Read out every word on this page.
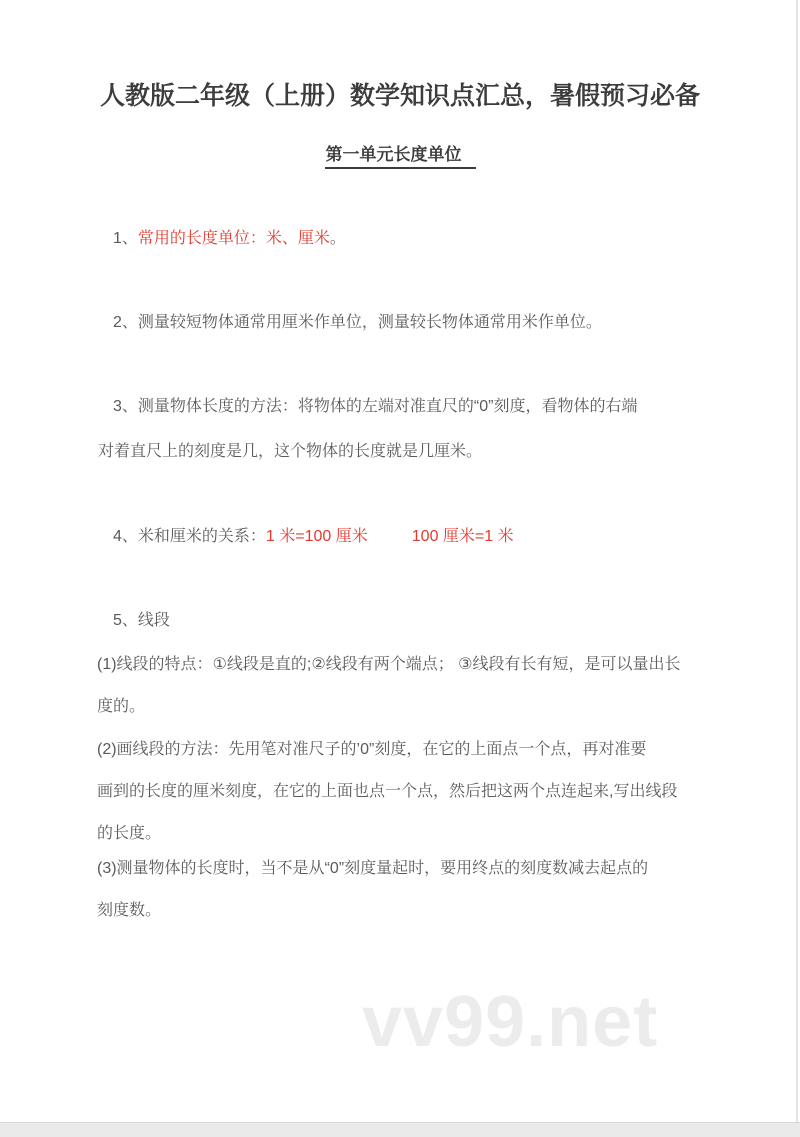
人教版二年级（上册）数学知识点汇总，暑假预习必备
第一单元长度单位

1、常用的长度单位：米、厘米。

2、测量较短物体通常用厘米作单位，测量较长物体通常用米作单位。

3、测量物体长度的方法：将物体的左端对准直尺的“0”刻度，看物体的右端
对着直尺上的刻度是几，这个物体的长度就是几厘米。

4、米和厘米的关系：1 米=100 厘米	100 厘米=1 米

5、线段

(1)线段的特点：①线段是直的;②线段有两个端点； ③线段有长有短，是可以量出长
度的。
(2)画线段的方法：先用笔对准尺子的’0”刻度，在它的上面点一个点，再对准要
画到的长度的厘米刻度，在它的上面也点一个点，然后把这两个点连起来,写出线段
的长度。
(3)测量物体的长度时，当不是从“0”刻度量起时，要用终点的刻度数减去起点的
刻度数。
vv99.net
